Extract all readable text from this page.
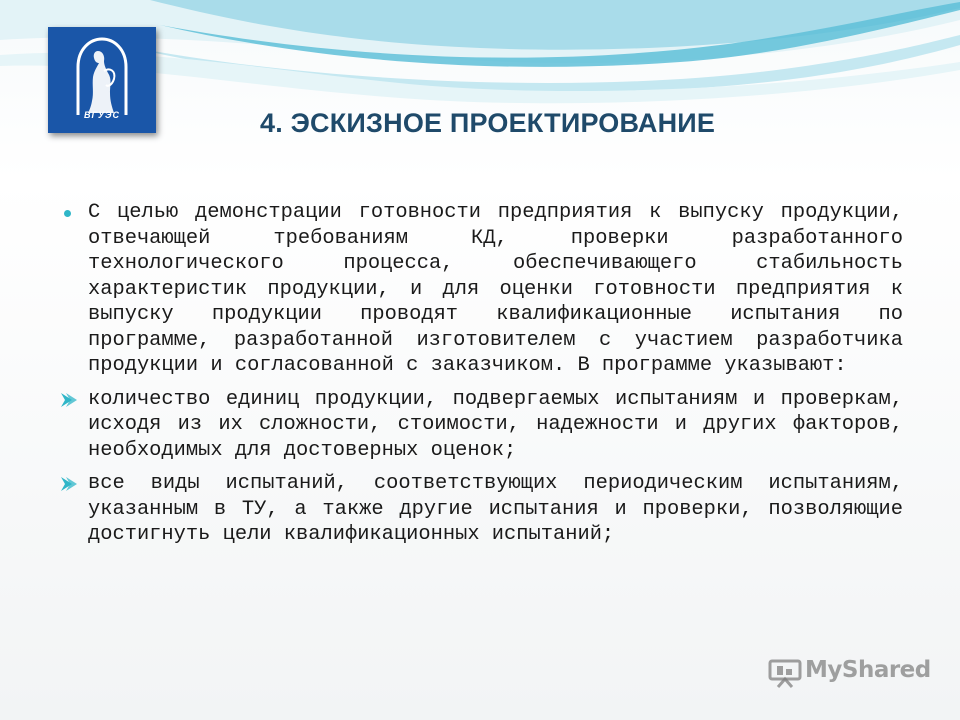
ВГУЭС	4. ЭСКИЗНОЕ ПРОЕКТИРОВАНИЕ
С целью демонстрации готовности предприятия к выпуску продукции, отвечающей требованиям КД, проверки разработанного технологического процесса, обеспечивающего стабильность характеристик продукции, и для оценки готовности предприятия к выпуску продукции проводят квалификационные испытания по программе, разработанной изготовителем с участием разработчика продукции и согласованной с заказчиком. В программе указывают:
количество единиц продукции, подвергаемых испытаниям и проверкам, исходя из их сложности, стоимости, надежности и других факторов, необходимых для достоверных оценок;
все виды испытаний, соответствующих периодическим испытаниям, указанным в ТУ, а также другие испытания и проверки, позволяющие достигнуть цели квалификационных испытаний;
MyShared
